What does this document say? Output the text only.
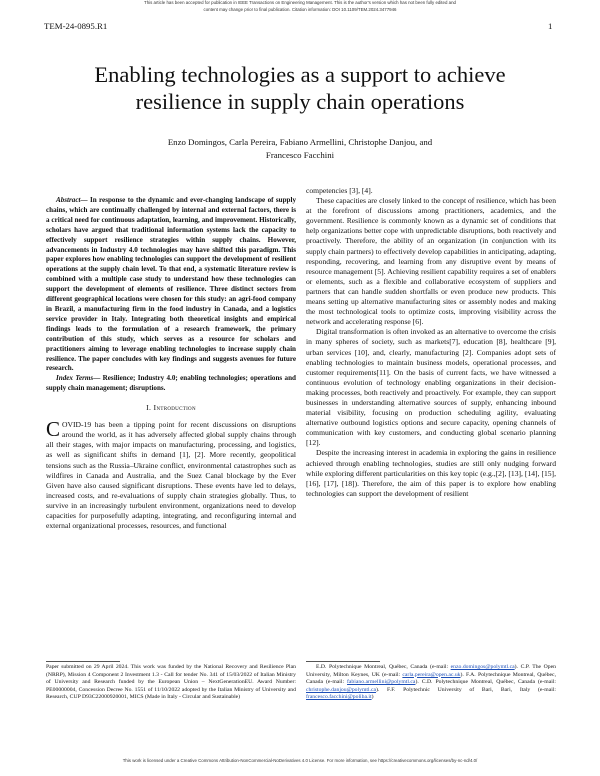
This article has been accepted for publication in IEEE Transactions on Engineering Management. This is the author's version which has not been fully edited and

content may change prior to final publication. Citation information: DOI 10.1109/TEM.2024.3477946

TEM-24-0895.R1	1
Enabling technologies as a support to achieve
resilience in supply chain operations
Enzo Domingos, Carla Pereira, Fabiano Armellini, Christophe Danjou, and
Francesco Facchini

Abstract— In response to the dynamic and ever-changing landscape of supply chains, which are continually challenged by internal and external factors, there is a critical need for continuous adaptation, learning, and improvement. Historically, scholars have argued that traditional information systems lack the capacity to effectively support resilience strategies within supply chains. However, advancements in Industry 4.0 technologies may have shifted this paradigm. This paper explores how enabling technologies can support the development of resilient operations at the supply chain level. To that end, a systematic literature review is combined with a multiple case study to understand how these technologies can support the development of elements of resilience. Three distinct sectors from different geographical locations were chosen for this study: an agri-food company in Brazil, a manufacturing firm in the food industry in Canada, and a logistics service provider in Italy. Integrating both theoretical insights and empirical findings leads to the formulation of a research framework, the primary contribution of this study, which serves as a resource for scholars and practitioners aiming to leverage enabling technologies to increase supply chain resilience. The paper concludes with key findings and suggests avenues for future research.

Index Terms— Resilience; Industry 4.0; enabling technologies; operations and supply chain management; disruptions.

I. Introduction

COVID-19 has been a tipping point for recent discussions on disruptions around the world, as it has adversely affected global supply chains through all their stages, with major impacts on manufacturing, processing, and logistics, as well as significant shifts in demand [1], [2]. More recently, geopolitical tensions such as the Russia–Ukraine conflict, environmental catastrophes such as wildfires in Canada and Australia, and the Suez Canal blockage by the Ever Given have also caused significant disruptions. These events have led to delays, increased costs, and re-evaluations of supply chain strategies globally. Thus, to survive in an increasingly turbulent environment, organizations need to develop capacities for purposefully adapting, integrating, and reconfiguring internal and external organizational processes, resources, and functional

competencies [3], [4].

These capacities are closely linked to the concept of resilience, which has been at the forefront of discussions among practitioners, academics, and the government. Resilience is commonly known as a dynamic set of conditions that help organizations better cope with unpredictable disruptions, both reactively and proactively. Therefore, the ability of an organization (in conjunction with its supply chain partners) to effectively develop capabilities in anticipating, adapting, responding, recovering, and learning from any disruptive event by means of resource management [5]. Achieving resilient capability requires a set of enablers or elements, such as a flexible and collaborative ecosystem of suppliers and partners that can handle sudden shortfalls or even produce new products. This means setting up alternative manufacturing sites or assembly nodes and making the most technological tools to optimize costs, improving visibility across the network and accelerating response [6].

Digital transformation is often invoked as an alternative to overcome the crisis in many spheres of society, such as markets[7], education [8], healthcare [9], urban services [10], and, clearly, manufacturing [2]. Companies adopt sets of enabling technologies to maintain business models, operational processes, and customer requirements[11]. On the basis of current facts, we have witnessed a continuous evolution of technology enabling organizations in their decision-making processes, both reactively and proactively. For example, they can support businesses in understanding alternative sources of supply, enhancing inbound material visibility, focusing on production scheduling agility, evaluating alternative outbound logistics options and secure capacity, opening channels of communication with key customers, and conducting global scenario planning [12].

Despite the increasing interest in academia in exploring the gains in resilience achieved through enabling technologies, studies are still only nudging forward while exploring different particularities on this key topic (e.g.,[2], [13], [14], [15], [16], [17], [18]). Therefore, the aim of this paper is to explore how enabling technologies can support the development of resilient

Paper submitted on 29 April 2024. This work was funded by the National Recovery and Resilience Plan (NRRP), Mission 4 Component 2 Investment 1.3 - Call for tender No. 341 of 15/03/2022 of Italian Ministry of University and Research funded by the European Union – NextGenerationEU. Award Number: PE00000004, Concession Decree No. 1551 of 11/10/2022 adopted by the Italian Ministry of University and Research, CUP D93C22000920001, MICS (Made in Italy - Circular and Sustainable)

E.D. Polytechnique Montreal, Québec, Canada (e-mail: enzo.domingos@polymtl.ca). C.P. The Open University, Milton Keynes, UK (e-mail: carla.pereira@open.ac.uk). F.A. Polytechnique Montreal, Québec, Canada (e-mail: fabiano.armellini@polymtl.ca). C.D. Polytechnique Montreal, Québec, Canada (e-mail: christophe.danjou@polymtl.ca). F.F. Polytechnic University of Bari, Bari, Italy (e-mail: francesco.facchini@poliba.it)

This work is licensed under a Creative Commons Attribution-NonCommercial-NoDerivatives 4.0 License. For more information, see https://creativecommons.org/licenses/by-nc-nd/4.0/
